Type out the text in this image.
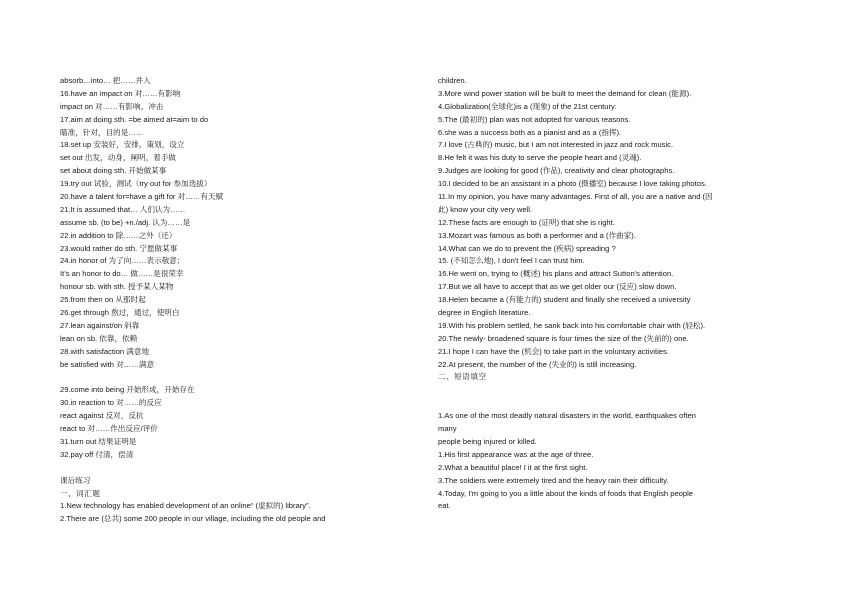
absorb…into… 把……并入
16.have an impact on 对……有影响
impact on 对……有影响、冲击
17.aim at doing sth. =be aimed at=aim to do
瞄准，针对，目的是……
18.set up 安装好，安排，策划，设立
set out 出发，动身，阐明，着手做
set about doing sth. 开始做某事
19.try out 试验，测试（try out for 参加选拔）
20.have a talent for=have a gift for 对……有天赋
21.It is assumed that… 人们认为……
assume sb. (to be) +n./adj. 认为……是
22.in addition to 除……之外（还）
23.would rather do sth. 宁愿做某事
24.in honor of 为了向……表示敬意；
It’s an honor to do… 做……是很荣幸
honour sb. with sth. 授予某人某物
25.from then on 从那时起
26.get through 熬过，通过，使明白
27.lean against/on 斜靠
lean on sb. 依靠，依赖
28.with satisfaction 满意地
be satisfied with 对……满意
29.come into being 开始形成，开始存在
30.in reaction to 对……的反应
react against 反对，反抗
react to 对……作出反应/评价
31.turn out 结果证明是
32.pay off 付清，偿清
课后练习
一、词汇题
1.New technology has enabled development of an online“ (虚拟的) library”.
2.There are (总共) some 200 people in our village, including the old people and
children.
3.More wind power station will be built to meet the demand for clean (能源).
4.Globalization(全球化)is a (现象) of the 21st century.
5.The (最初的) plan was not adopted for various reasons.
6.she was a success both as a pianist and as a (指挥).
7.I love (古典的) music, but I am not interested in jazz and rock music.
8.He felt it was his duty to serve the people heart and (灵魂).
9.Judges are looking for good (作品), creativity and clear photographs.
10.I decided to be an assistant in a photo (摄播室) because I love taking photos.
11.In my opinion, you have many advantages. First of all, you are a native and (因
此) know your city very well.
12.These facts are enough to (证明) that she is right.
13.Mozart was famous as both a performer and a (作曲家).
14.What can we do to prevent the (疾病) spreading ?
15. (不知怎么地), I don't feel I can trust him.
16.He went on, trying to (概述) his plans and attract Sutton's attention.
17.But we all have to accept that as we get older our (反应) slow down.
18.Helen became a (有能力的) student and finally she received a university
degree in English literature.
19.With his problem settled, he sank back into his comfortable chair with (轻松).
20.The newly- broadened square is four times the size of the (先前的) one.
21.I hope I can have the (机会) to take part in the voluntary activities.
22.At present, the number of the (失业的) is still increasing.
二、短语填空
1.As one of the most deadly natural disasters in the world, earthquakes often
many
people being injured or killed.
1.His first appearance was at the age of three.
2.What a beautiful place! I it at the first sight.
3.The soldiers were extremely tired and the heavy rain their difficulty.
4.Today, I'm going to you a little about the kinds of foods that English people
eat.
